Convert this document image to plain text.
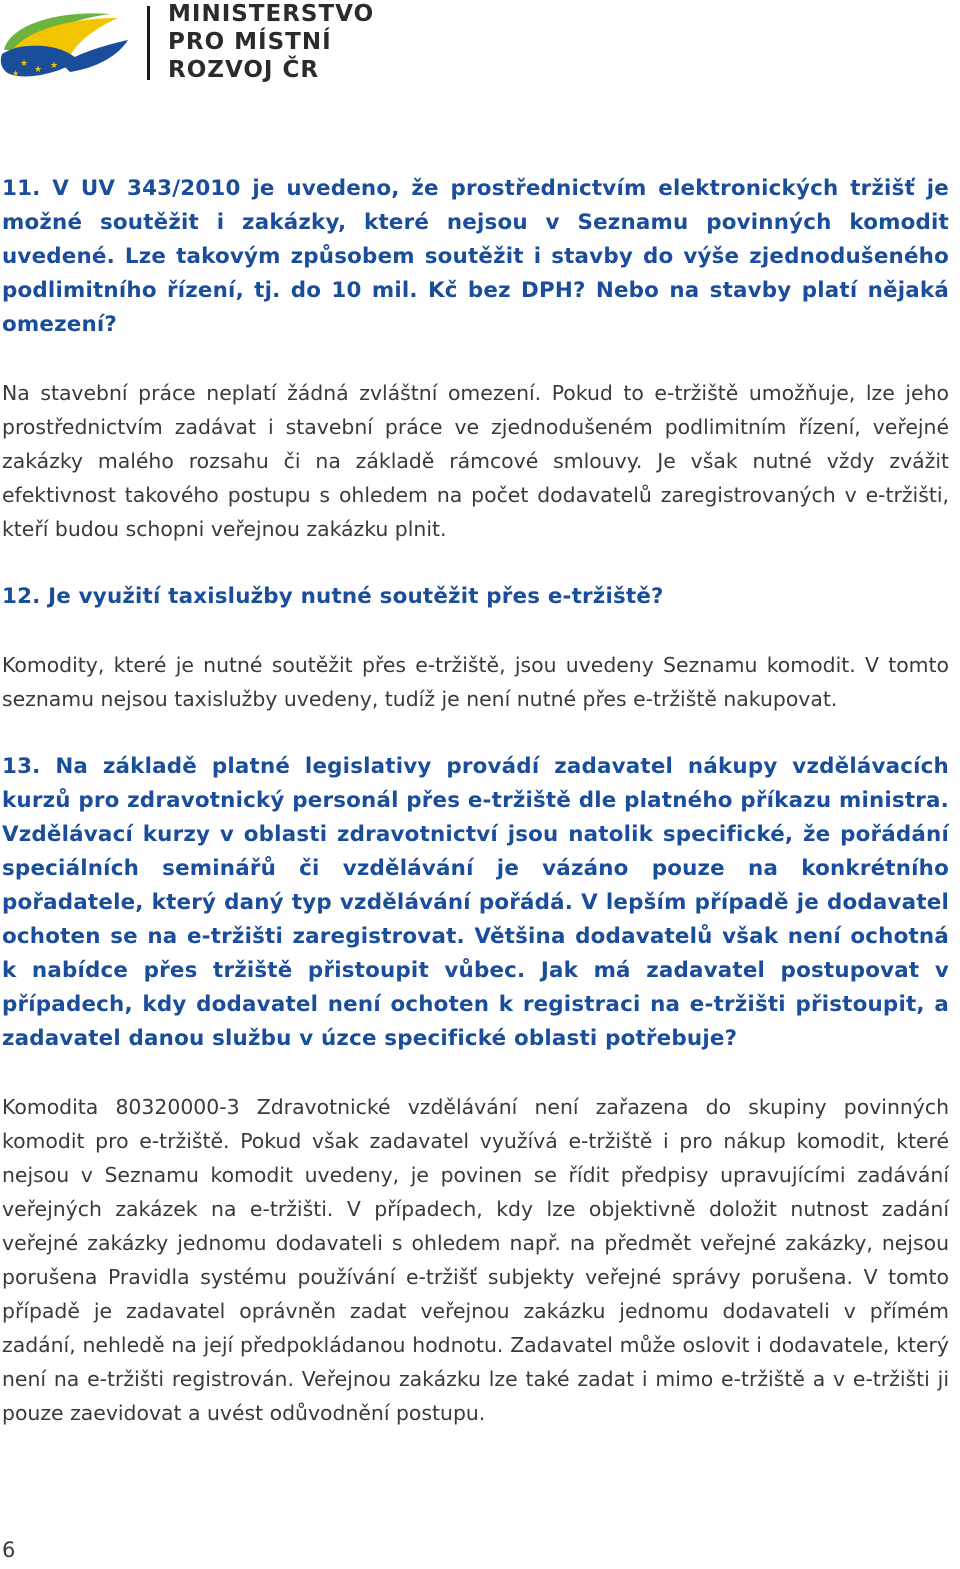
★
★ ★
★
MINISTERSTVO
PRO MÍSTNÍ
ROZVOJ ČR

11. V UV 343/2010 je uvedeno, že prostřednictvím elektronických tržišť je možné soutěžit i zakázky, které nejsou v Seznamu povinných komodit uvedené. Lze takovým způsobem soutěžit i stavby do výše zjednodušeného podlimitního řízení, tj. do 10 mil. Kč bez DPH? Nebo na stavby platí nějaká omezení?

Na stavební práce neplatí žádná zvláštní omezení. Pokud to e-tržiště umožňuje, lze jeho prostřednictvím zadávat i stavební práce ve zjednodušeném podlimitním řízení, veřejné zakázky malého rozsahu či na základě rámcové smlouvy. Je však nutné vždy zvážit efektivnost takového postupu s ohledem na počet dodavatelů zaregistrovaných v e-tržišti, kteří budou schopni veřejnou zakázku plnit.

12. Je využití taxislužby nutné soutěžit přes e-tržiště?

Komodity, které je nutné soutěžit přes e-tržiště, jsou uvedeny Seznamu komodit. V tomto seznamu nejsou taxislužby uvedeny, tudíž je není nutné přes e-tržiště nakupovat.

13. Na základě platné legislativy provádí zadavatel nákupy vzdělávacích kurzů pro zdravotnický personál přes e-tržiště dle platného příkazu ministra. Vzdělávací kurzy v oblasti zdravotnictví jsou natolik specifické, že pořádání speciálních seminářů či vzdělávání je vázáno pouze na konkrétního pořadatele, který daný typ vzdělávání pořádá. V lepším případě je dodavatel ochoten se na e-tržišti zaregistrovat. Většina dodavatelů však není ochotná k nabídce přes tržiště přistoupit vůbec. Jak má zadavatel postupovat v případech, kdy dodavatel není ochoten k registraci na e-tržišti přistoupit, a zadavatel danou službu v úzce specifické oblasti potřebuje?

Komodita 80320000-3 Zdravotnické vzdělávání není zařazena do skupiny povinných komodit pro e-tržiště. Pokud však zadavatel využívá e-tržiště i pro nákup komodit, které nejsou v Seznamu komodit uvedeny, je povinen se řídit předpisy upravujícími zadávání veřejných zakázek na e-tržišti. V případech, kdy lze objektivně doložit nutnost zadání veřejné zakázky jednomu dodavateli s ohledem např. na předmět veřejné zakázky, nejsou porušena Pravidla systému používání e-tržišť subjekty veřejné správy porušena. V tomto případě je zadavatel oprávněn zadat veřejnou zakázku jednomu dodavateli v přímém zadání, nehledě na její předpokládanou hodnotu. Zadavatel může oslovit i dodavatele, který není na e-tržišti registrován. Veřejnou zakázku lze také zadat i mimo e-tržiště a v e-tržišti ji pouze zaevidovat a uvést odůvodnění postupu.

6
